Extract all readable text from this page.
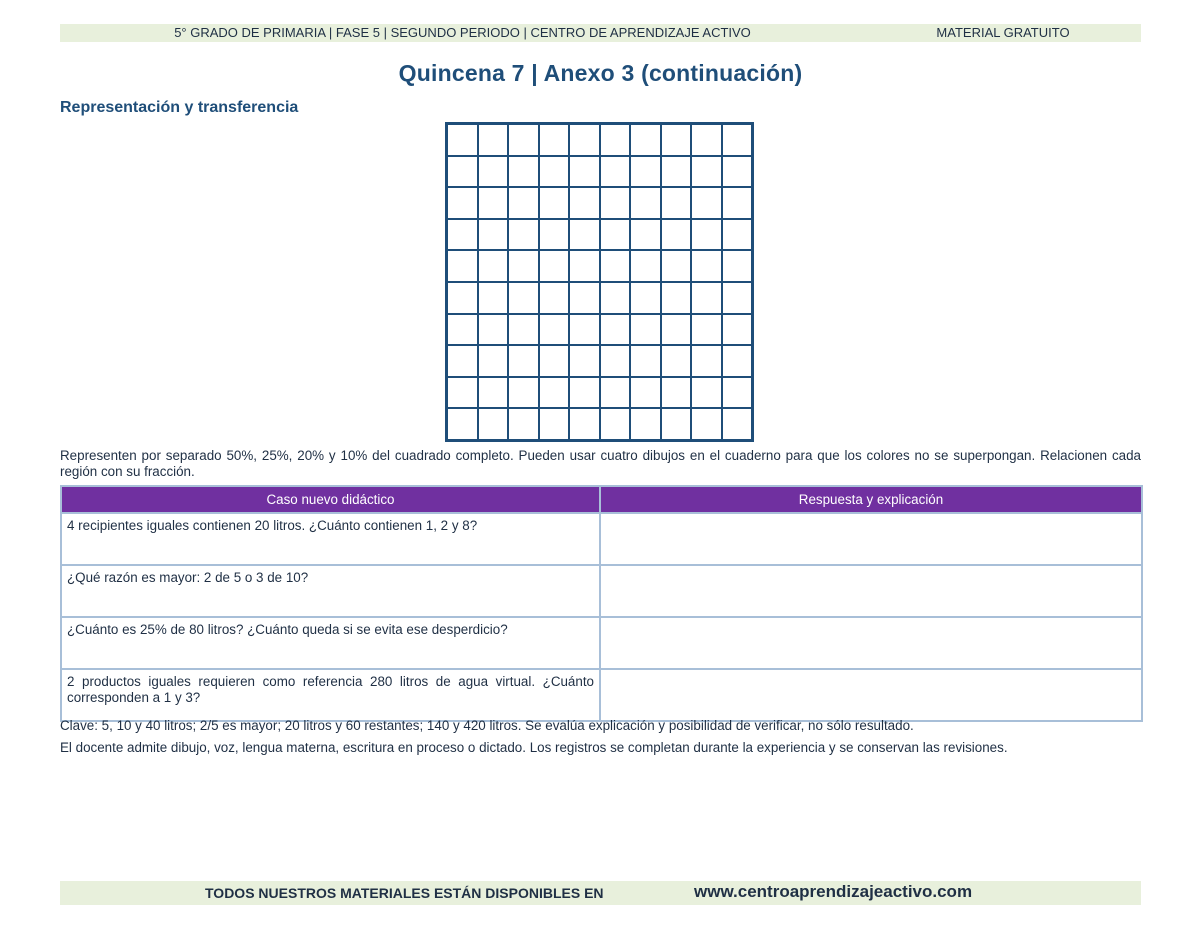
5° GRADO DE PRIMARIA | FASE 5 | SEGUNDO PERIODO | CENTRO DE APRENDIZAJE ACTIVO	MATERIAL GRATUITO
Quincena 7 | Anexo 3 (continuación)
Representación y transferencia
Representen por separado 50%, 25%, 20% y 10% del cuadrado completo. Pueden usar cuatro dibujos en el cuaderno para que los colores no se superpongan. Relacionen cada región con su fracción.
Caso nuevo didáctico	Respuesta y explicación
4 recipientes iguales contienen 20 litros. ¿Cuánto contienen 1, 2 y 8?	
¿Qué razón es mayor: 2 de 5 o 3 de 10?	
¿Cuánto es 25% de 80 litros? ¿Cuánto queda si se evita ese desperdicio?	
2 productos iguales requieren como referencia 280 litros de agua virtual. ¿Cuánto corresponden a 1 y 3?	
Clave: 5, 10 y 40 litros; 2/5 es mayor; 20 litros y 60 restantes; 140 y 420 litros. Se evalúa explicación y posibilidad de verificar, no sólo resultado.
El docente admite dibujo, voz, lengua materna, escritura en proceso o dictado. Los registros se completan durante la experiencia y se conservan las revisiones.
TODOS NUESTROS MATERIALES ESTÁN DISPONIBLES EN	www.centroaprendizajeactivo.com
